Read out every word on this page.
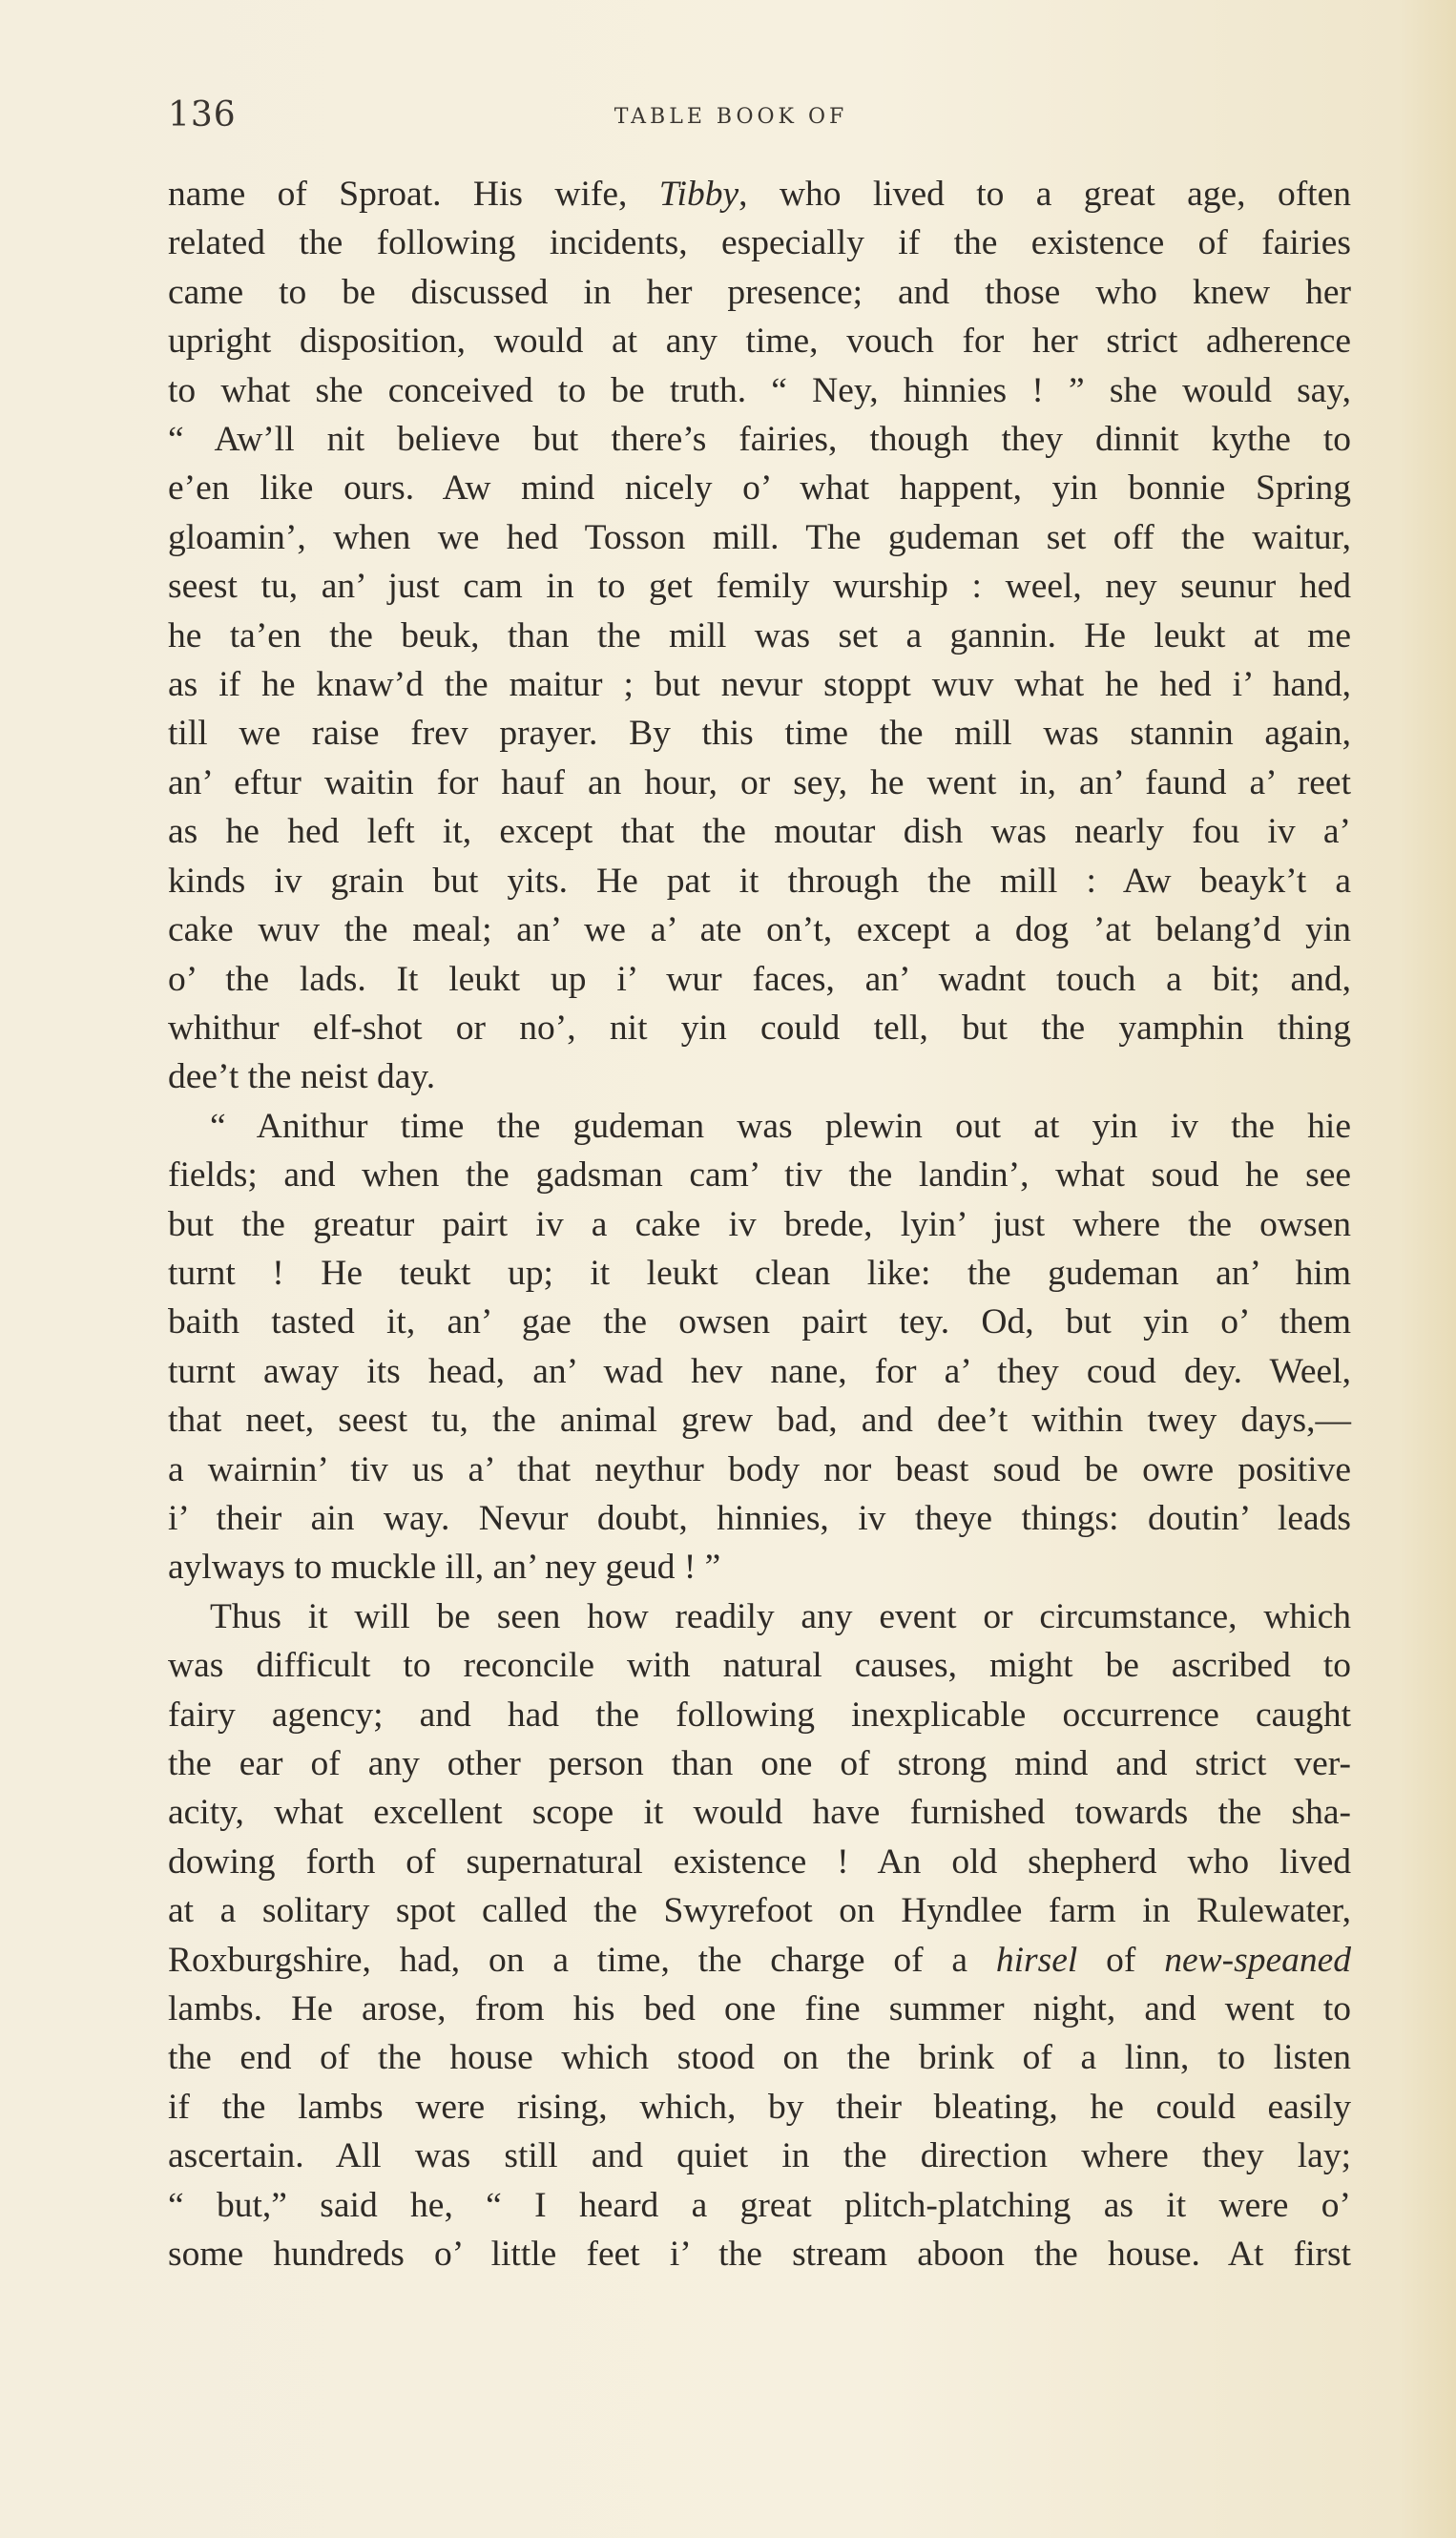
136	TABLE BOOK OF

name of Sproat. His wife, Tibby, who lived to a great age, often
related the following incidents, especially if the existence of fairies
came to be discussed in her presence; and those who knew her
upright disposition, would at any time, vouch for her strict adherence
to what she conceived to be truth. “ Ney, hinnies ! ” she would say,
“ Aw’ll nit believe but there’s fairies, though they dinnit kythe to
e’en like ours. Aw mind nicely o’ what happent, yin bonnie Spring
gloamin’, when we hed Tosson mill. The gudeman set off the waitur,
seest tu, an’ just cam in to get femily wurship : weel, ney seunur hed
he ta’en the beuk, than the mill was set a gannin. He leukt at me
as if he knaw’d the maitur ; but nevur stoppt wuv what he hed i’ hand,
till we raise frev prayer. By this time the mill was stannin again,
an’ eftur waitin for hauf an hour, or sey, he went in, an’ faund a’ reet
as he hed left it, except that the moutar dish was nearly fou iv a’
kinds iv grain but yits. He pat it through the mill : Aw beayk’t a
cake wuv the meal; an’ we a’ ate on’t, except a dog ’at belang’d yin
o’ the lads. It leukt up i’ wur faces, an’ wadnt touch a bit; and,
whithur elf-shot or no’, nit yin could tell, but the yamphin thing
dee’t the neist day.

“ Anithur time the gudeman was plewin out at yin iv the hie
fields; and when the gadsman cam’ tiv the landin’, what soud he see
but the greatur pairt iv a cake iv brede, lyin’ just where the owsen
turnt ! He teukt up; it leukt clean like: the gudeman an’ him
baith tasted it, an’ gae the owsen pairt tey. Od, but yin o’ them
turnt away its head, an’ wad hev nane, for a’ they coud dey. Weel,
that neet, seest tu, the animal grew bad, and dee’t within twey days,—
a wairnin’ tiv us a’ that neythur body nor beast soud be owre positive
i’ their ain way. Nevur doubt, hinnies, iv theye things: doutin’ leads
aylways to muckle ill, an’ ney geud ! ”

Thus it will be seen how readily any event or circumstance, which
was difficult to reconcile with natural causes, might be ascribed to
fairy agency; and had the following inexplicable occurrence caught
the ear of any other person than one of strong mind and strict ver-
acity, what excellent scope it would have furnished towards the sha-
dowing forth of supernatural existence ! An old shepherd who lived
at a solitary spot called the Swyrefoot on Hyndlee farm in Rulewater,
Roxburgshire, had, on a time, the charge of a hirsel of new-speaned
lambs. He arose, from his bed one fine summer night, and went to
the end of the house which stood on the brink of a linn, to listen
if the lambs were rising, which, by their bleating, he could easily
ascertain. All was still and quiet in the direction where they lay;
“ but,” said he, “ I heard a great plitch-platching as it were o’
some hundreds o’ little feet i’ the stream aboon the house. At first
